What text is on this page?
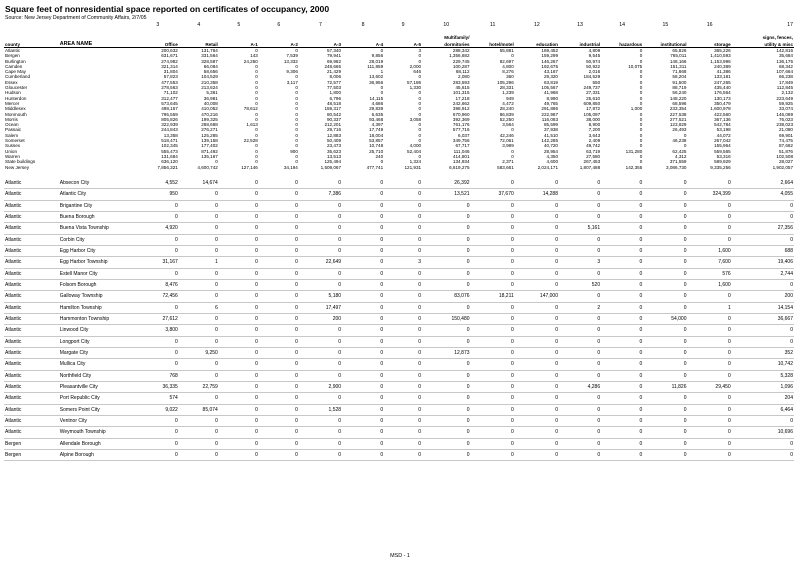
Square feet of nonresidential space reported on certificates of occupancy, 2000
Source: New Jersey Department of Community Affairs, 2/7/05
		3	4	5	6	7	8	9	10	11	12	13	14	15	16	17
									Multifamily/							signs, fences,
county	AREA NAME	Office	Retail	A-1	A-2	A-3	A-4	A-5	dormitories	hotel/motel	education	industrial	hazardous	institutional	storage	utility & misc
Atlantic		200,632	131,764	0	0	57,340	0	3	288,342	55,881	169,452	4,809	0	65,826	365,226	142,816
Bergen		631,671	331,564	143	7,539	79,941	9,856	0	1,356,682	0	159,299	9,545	0	765,011	1,410,593	35,684
Burlington		274,982	328,587	24,250	13,332	69,982	28,019	0	229,745	82,697	146,267	50,974	0	148,166	1,153,996	136,175
Camden		321,314	66,084	0	0	248,665	111,859	2,000	100,287	4,800	192,675	50,922	10,075	151,311	240,389	68,342
Cape May		31,804	58,656	0	9,306	21,429	1	646	68,112	8,276	43,167	2,016	0	71,668	41,386	107,664
Cumberland		57,823	104,529	0	0	8,006	13,602	0	2,080	360	29,320	184,529	0	58,204	133,181	66,238
Essex		477,553	210,358	0	3,117	72,577	36,956	57,186	283,593	105,296	63,819	550	0	91,500	247,265	17,849
Gloucester		278,563	213,624	0	0	77,503	0	1,330	45,615	28,331	105,567	249,737	0	88,719	435,440	112,845
Hudson		71,102	5,361	0	0	1,800	0	0	101,315	1,239	41,968	27,331	0	56,240	176,564	2,132
Hunterdon		312,477	36,981	0	0	6,796	14,115	0	17,218	949	8,990	25,610	0	148,220	130,173	223,649
Mercer		573,645	40,008	0	0	48,518	4,686	0	242,662	4,472	49,765	609,850	0	68,596	350,479	59,925
Middlesex		498,157	410,052	78,612	0	159,317	29,839	0	398,912	28,240	291,886	17,872	1,000	233,354	1,600,978	33,074
Monmouth		795,559	470,216	0	0	80,542	6,635	0	670,960	86,839	222,987	105,097	0	227,538	422,560	146,089
Morris		805,826	199,325	0	0	90,337	93,468	3,058	392,369	52,250	116,083	38,000	0	277,521	367,136	76,023
Ocean		322,939	268,688	1,613	0	212,201	4,397	0	761,176	3,564	85,599	8,900	0	123,829	542,784	238,023
Passaic		244,843	276,271	0	0	29,716	17,749	0	577,716	0	37,938	7,200	0	26,493	53,198	21,080
Salem		13,358	125,285	0	0	12,883	18,004	0	6,037	42,246	41,510	3,643	0	0	44,072	69,901
Somerset		518,471	139,158	22,528	0	50,409	53,857	0	349,756	72,061	142,285	2,409	0	46,238	267,042	74,475
Sussex		102,345	177,402	0	0	23,473	10,748	4,000	67,717	3,989	40,720	49,742	0	0	155,964	87,662
Union		555,473	871,492	0	900	35,623	25,710	52,404	111,046	0	28,954	63,719	131,280	62,425	559,565	51,876
Warren		131,684	135,167	0	0	13,513	240	0	414,801	0	4,350	27,580	0	4,312	53,316	102,508
State buildings		636,120	0	0	0	125,494	0	1,324	134,934	2,371	4,600	267,453	0	371,559	589,929	28,027
New Jersey		7,856,321	4,600,742	127,146	34,194	1,509,067	477,741	121,931	6,619,275	583,661	2,024,171	1,807,488	142,355	3,086,730	9,335,256	1,902,057

Atlantic	Absecon City	4,552	14,674	0	0	0	0	0	26,392	0	0	0	0	0	0	2,664
Atlantic	Atlantic City	950	0	0	0	7,386	0	0	13,521	37,670	14,288	0	0	0	324,399	4,055
Atlantic	Brigantine City	0	0	0	0	0	0	0	0	0	0	0	0	0	0	0
Atlantic	Buena Borough	0	0	0	0	0	0	0	0	0	0	0	0	0	0	0
Atlantic	Buena Vista Township	4,920	0	0	0	0	0	0	0	0	0	5,161	0	0	0	27,356
Atlantic	Corbin City	0	0	0	0	0	0	0	0	0	0	0	0	0	0	0
Atlantic	Egg Harbor City	0	0	0	0	0	0	0	0	0	0	0	0	0	1,600	688
Atlantic	Egg Harbor Township	31,167	1	0	0	22,649	0	3	0	0	0	3	0	0	7,600	19,406
Atlantic	Estell Manor City	0	0	0	0	0	0	0	0	0	0	0	0	0	576	2,744
Atlantic	Folsom Borough	8,476	0	0	0	0	0	0	0	0	0	520	0	0	1,600	0
Atlantic	Galloway Township	72,456	0	0	0	5,180	0	0	83,076	18,211	147,000	0	0	0	0	200
Atlantic	Hamilton Township	0	6	0	0	17,497	0	0	0	0	0	2	0	0	1	14,154
Atlantic	Hammonton Township	27,612	0	0	0	200	0	0	150,480	0	0	0	0	54,000	0	36,667
Atlantic	Linwood City	3,800	0	0	0	0	0	0	0	0	0	0	0	0	0	0
Atlantic	Longport City	0	0	0	0	0	0	0	0	0	0	0	0	0	0	0
Atlantic	Margate City	0	9,250	0	0	0	0	0	12,873	0	0	0	0	0	0	352
Atlantic	Mullica City	0	0	0	0	0	0	0	0	0	0	0	0	0	0	10,742
Atlantic	Northfield City	768	0	0	0	0	0	0	0	0	0	0	0	0	0	5,328
Atlantic	Pleasantville City	36,335	22,759	0	0	2,900	0	0	0	0	0	4,286	0	11,826	29,450	1,096
Atlantic	Port Republic City	574	0	0	0	0	0	0	0	0	0	0	0	0	0	204
Atlantic	Somers Point City	9,022	85,074	0	0	1,528	0	0	0	0	0	0	0	0	0	6,464
Atlantic	Ventnor City	0	0	0	0	0	0	0	0	0	0	0	0	0	0	0
Atlantic	Weymouth Township	0	0	0	0	0	0	0	0	0	0	0	0	0	0	10,696
Bergen	Allendale Borough	0	0	0	0	0	0	0	0	0	0	0	0	0	0	0
Bergen	Alpine Borough	0	0	0	0	0	0	0	0	0	0	0	0	0	0	0
MSD - 1
